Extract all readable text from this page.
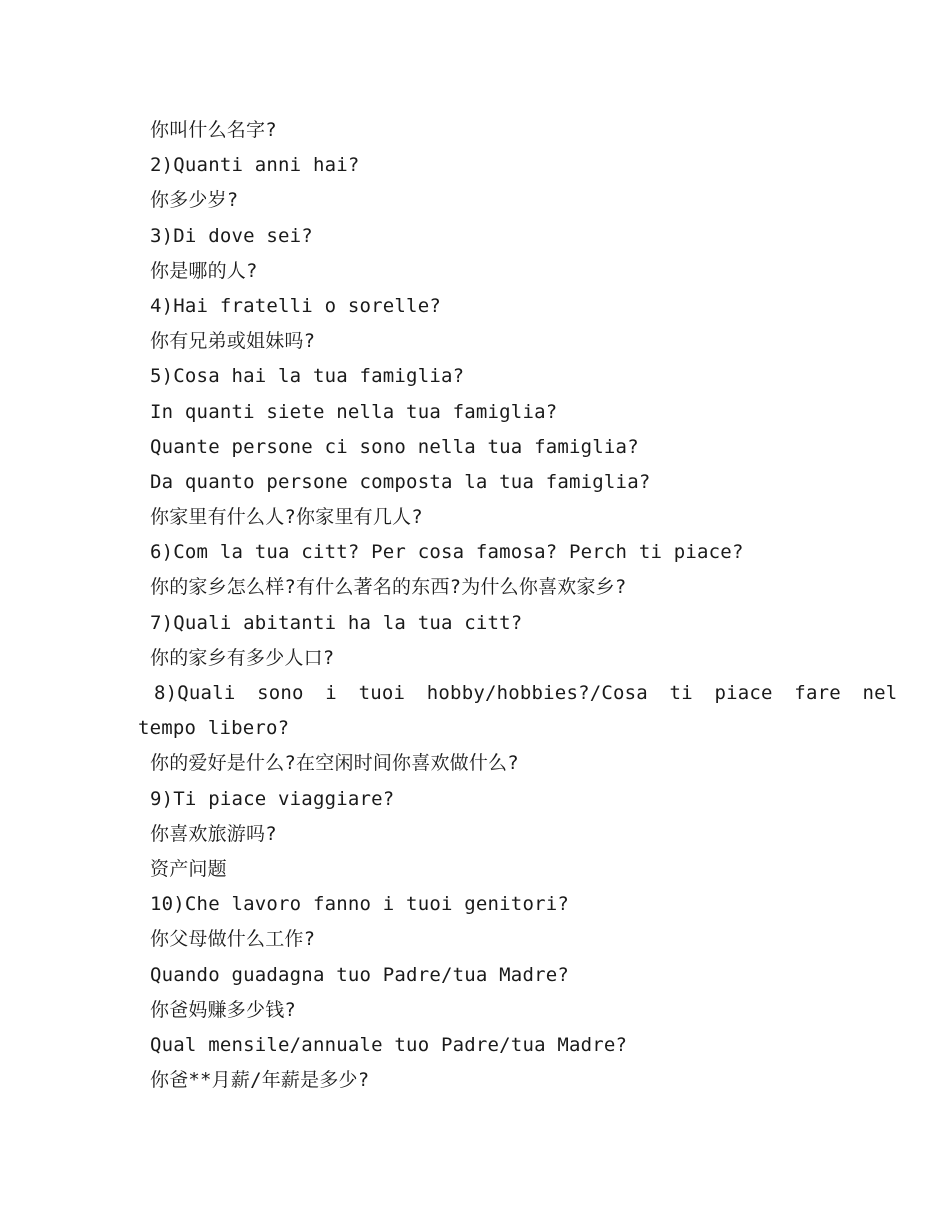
你叫什么名字?
2)Quanti anni hai?
你多少岁?
3)Di dove sei?
你是哪的人?
4)Hai fratelli o sorelle?
你有兄弟或姐妹吗?
5)Cosa hai la tua famiglia?
In quanti siete nella tua famiglia?
Quante persone ci sono nella tua famiglia?
Da quanto persone composta la tua famiglia?
你家里有什么人?你家里有几人?
6)Com la tua citt? Per cosa famosa? Perch ti piace?
你的家乡怎么样?有什么著名的东西?为什么你喜欢家乡?
7)Quali abitanti ha la tua citt?
你的家乡有多少人口?
8)Quali sono i tuoi hobby/hobbies?/Cosa ti piace fare nel
tempo libero?
你的爱好是什么?在空闲时间你喜欢做什么?
9)Ti piace viaggiare?
你喜欢旅游吗?
资产问题
10)Che lavoro fanno i tuoi genitori?
你父母做什么工作?
Quando guadagna tuo Padre/tua Madre?
你爸妈赚多少钱?
Qual mensile/annuale tuo Padre/tua Madre?
你爸**月薪/年薪是多少?
